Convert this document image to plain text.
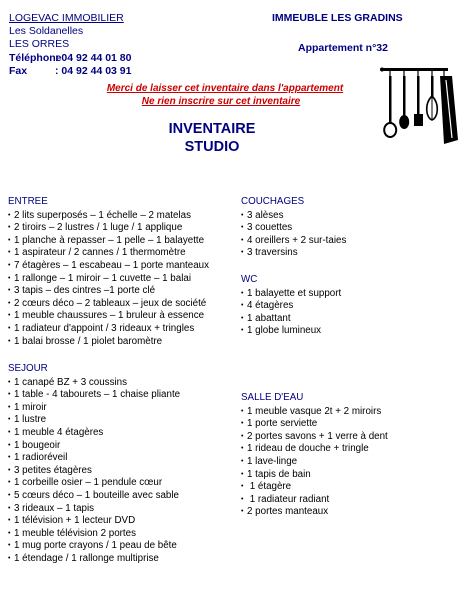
LOGEVAC IMMOBILIER
Les Soldanelles
LES ORRES
Téléphone: 04 92 44 01 80
Fax	: 04 92 44 03 91
IMMEUBLE LES GRADINS
Appartement n°32
Merci de laisser cet inventaire dans l'appartement
Ne rien inscrire sur cet inventaire
INVENTAIRE
STUDIO
ENTREE
• 2 lits superposés – 1 échelle – 2 matelas
• 2 tiroirs – 2 lustres / 1 luge / 1 applique
• 1 planche à repasser – 1 pelle – 1 balayette
• 1 aspirateur / 2 cannes / 1 thermomètre
• 7 étagères – 1 escabeau – 1 porte manteaux
• 1 rallonge – 1 miroir – 1 cuvette – 1 balai
• 3 tapis – des cintres –1 porte clé
• 2 cœurs déco – 2 tableaux – jeux de société
• 1 meuble chaussures – 1 bruleur à essence
• 1 radiateur d'appoint / 3 rideaux + tringles
• 1 balai brosse / 1 piolet baromètre
SEJOUR
• 1 canapé BZ + 3 coussins
• 1 table - 4 tabourets – 1 chaise pliante
• 1 miroir
• 1 lustre
• 1 meuble 4 étagères
• 1 bougeoir
• 1 radioréveil
• 3 petites étagères
• 1 corbeille osier – 1 pendule cœur
• 5 cœurs déco – 1 bouteille avec sable
• 3 rideaux – 1 tapis
• 1 télévision + 1 lecteur DVD
• 1 meuble télévision 2 portes
• 1 mug porte crayons / 1 peau de bête
• 1 étendage / 1 rallonge multiprise
COUCHAGES
• 3 alèses
• 3 couettes
• 4 oreillers + 2 sur-taies
• 3 traversins
WC
• 1 balayette et support
• 4 étagères
• 1 abattant
• 1 globe lumineux
SALLE D'EAU
• 1 meuble vasque 2t + 2 miroirs
• 1 porte serviette
• 2 portes savons + 1 verre à dent
• 1 rideau de douche + tringle
• 1 lave-linge
• 1 tapis de bain
• 1 étagère
• 1 radiateur radiant
• 2 portes manteaux
